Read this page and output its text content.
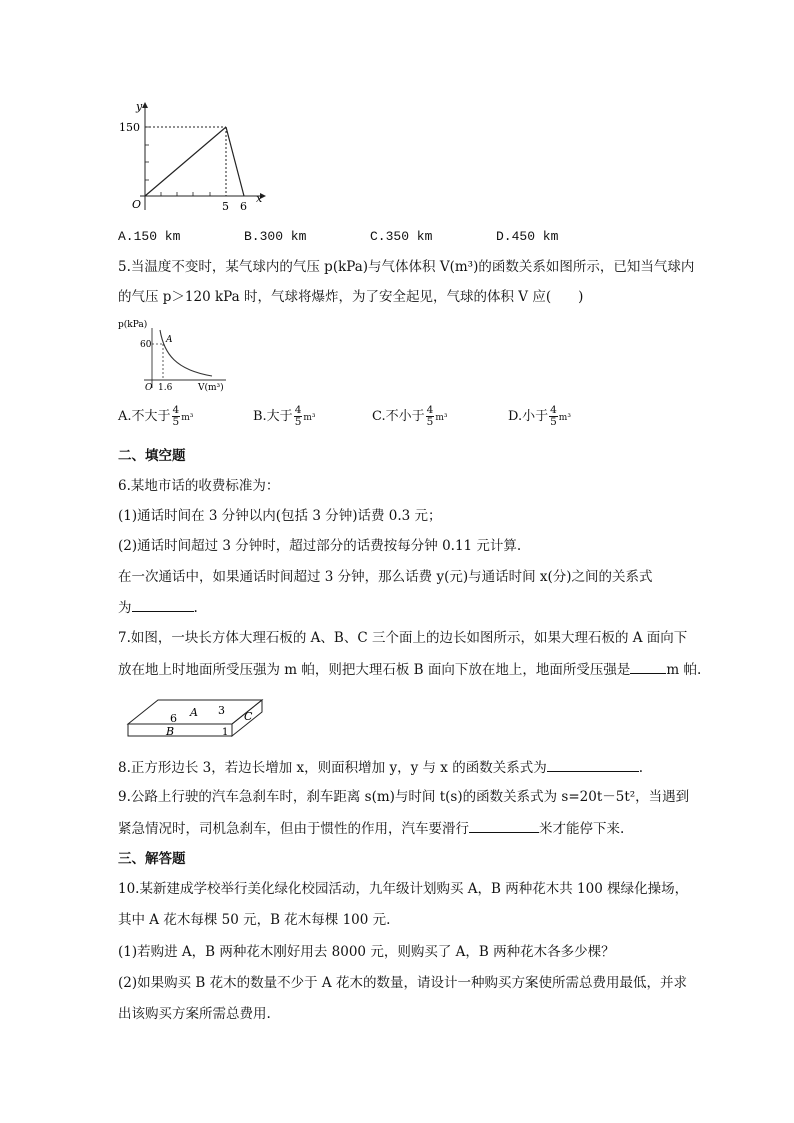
y
150
O	5 6
x
A.150 km	B.300 km	C.350 km	D.450 km
5.当温度不变时，某气球内的气压 p(kPa)与气体体积 V(m³)的函数关系如图所示，已知当气球内
的气压 p＞120 kPa 时，气球将爆炸，为了安全起见，气球的体积 V 应(　　)
p(kPa)
60 A
O 1.6	V(m³)
A.不大于 $\frac{4}{5} m^3$	B.大于 $\frac{4}{5} m^3$	C.不小于 $\frac{4}{5} m^3$	D.小于 $\frac{4}{5} m^3$
二、填空题
6.某地市话的收费标准为：
(1)通话时间在 3 分钟以内(包括 3 分钟)话费 0.3 元；
(2)通话时间超过 3 分钟时，超过部分的话费按每分钟 0.11 元计算.
在一次通话中，如果通话时间超过 3 分钟，那么话费 y(元)与通话时间 x(分)之间的关系式
为	.
7.如图，一块长方体大理石板的 A、B、C 三个面上的边长如图所示，如果大理石板的 A 面向下
放在地上时地面所受压强为 m 帕，则把大理石板 B 面向下放在地上，地面所受压强是	m 帕.
A
6
3 C
B	1
8.正方形边长 3，若边长增加 x，则面积增加 y，y 与 x 的函数关系式为	.
9.公路上行驶的汽车急刹车时，刹车距离 s(m)与时间 t(s)的函数关系式为 s=20t－5t²，当遇到
紧急情况时，司机急刹车，但由于惯性的作用，汽车要滑行	米才能停下来.
三、解答题
10.某新建成学校举行美化绿化校园活动，九年级计划购买 A，B 两种花木共 100 棵绿化操场，
其中 A 花木每棵 50 元，B 花木每棵 100 元.
(1)若购进 A，B 两种花木刚好用去 8000 元，则购买了 A，B 两种花木各多少棵？
(2)如果购买 B 花木的数量不少于 A 花木的数量，请设计一种购买方案使所需总费用最低，并求
出该购买方案所需总费用.
